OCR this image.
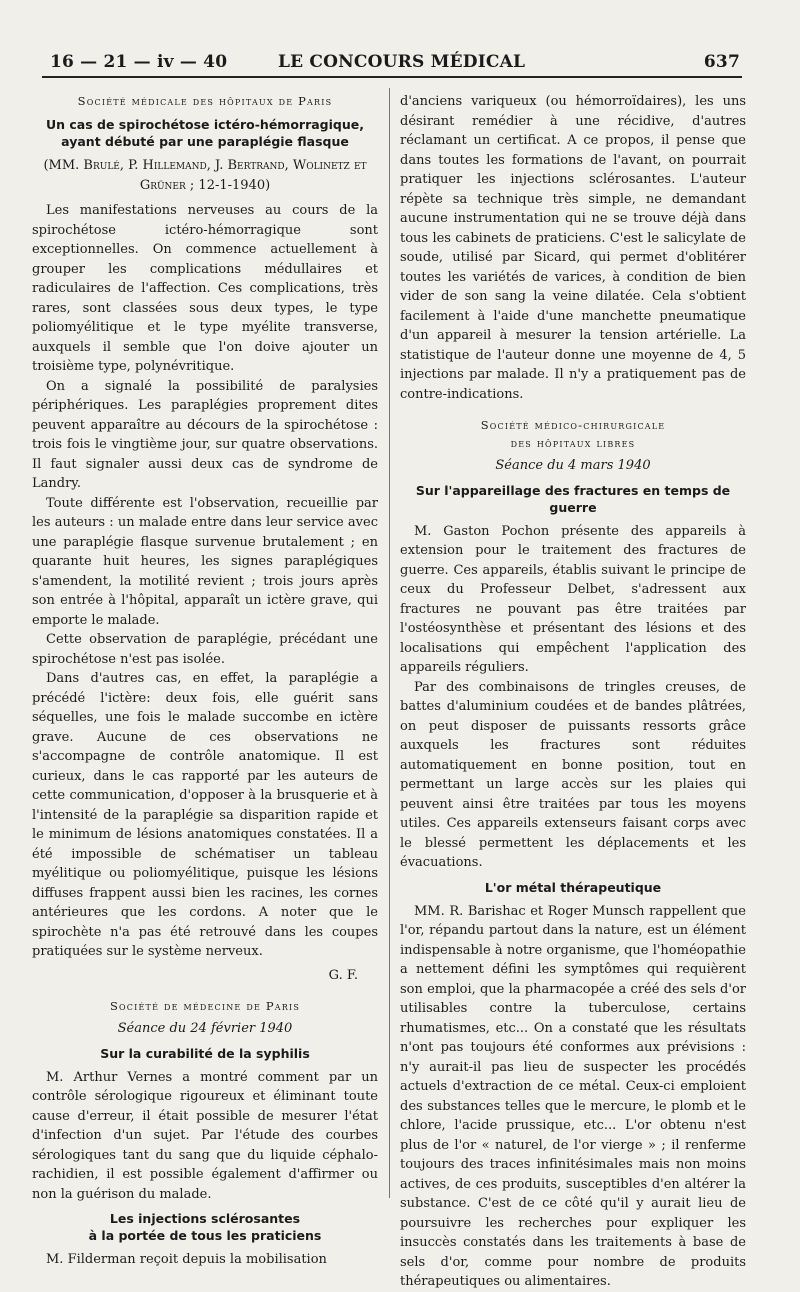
16 — 21 — iv — 40	LE CONCOURS MÉDICAL	637
Société médicale des hôpitaux de Paris
Un cas de spirochétose ictéro-hémorragique,
ayant débuté par une paraplégie flasque
(MM. Brulé, P. Hillemand, J. Bertrand, Wolinetz et Grüner ; 12-1-1940)

Les manifestations nerveuses au cours de la spirochétose ictéro-hémorragique sont exceptionnelles. On commence actuellement à grouper les complications médullaires et radiculaires de l'affection. Ces complications, très rares, sont classées sous deux types, le type poliomyélitique et le type myélite transverse, auxquels il semble que l'on doive ajouter un troisième type, polynévritique.

On a signalé la possibilité de paralysies périphériques. Les paraplégies proprement dites peuvent apparaître au décours de la spirochétose : trois fois le vingtième jour, sur quatre observations. Il faut signaler aussi deux cas de syndrome de Landry.

Toute différente est l'observation, recueillie par les auteurs : un malade entre dans leur service avec une paraplégie flasque survenue brutalement ; en quarante huit heures, les signes paraplégiques s'amendent, la motilité revient ; trois jours après son entrée à l'hôpital, apparaît un ictère grave, qui emporte le malade.

Cette observation de paraplégie, précédant une spirochétose n'est pas isolée.

Dans d'autres cas, en effet, la paraplégie a précédé l'ictère: deux fois, elle guérit sans séquelles, une fois le malade succombe en ictère grave. Aucune de ces observations ne s'accompagne de contrôle anatomique. Il est curieux, dans le cas rapporté par les auteurs de cette communication, d'opposer à la brusquerie et à l'intensité de la paraplégie sa disparition rapide et le minimum de lésions anatomiques constatées. Il a été impossible de schématiser un tableau myélitique ou poliomyélitique, puisque les lésions diffuses frappent aussi bien les racines, les cornes antérieures que les cordons. A noter que le spirochète n'a pas été retrouvé dans les coupes pratiquées sur le système nerveux.

G. F.
Société de médecine de Paris
Séance du 24 février 1940
Sur la curabilité de la syphilis

M. Arthur Vernes a montré comment par un contrôle sérologique rigoureux et éliminant toute cause d'erreur, il était possible de mesurer l'état d'infection d'un sujet. Par l'étude des courbes sérologiques tant du sang que du liquide céphalo-rachidien, il est possible également d'affirmer ou non la guérison du malade.

Les injections sclérosantes
à la portée de tous les praticiens

M. Filderman reçoit depuis la mobilisation

d'anciens variqueux (ou hémorroïdaires), les uns désirant remédier à une récidive, d'autres réclamant un certificat. A ce propos, il pense que dans toutes les formations de l'avant, on pourrait pratiquer les injections sclérosantes. L'auteur répète sa technique très simple, ne demandant aucune instrumentation qui ne se trouve déjà dans tous les cabinets de praticiens. C'est le salicylate de soude, utilisé par Sicard, qui permet d'oblitérer toutes les variétés de varices, à condition de bien vider de son sang la veine dilatée. Cela s'obtient facilement à l'aide d'une manchette pneumatique d'un appareil à mesurer la tension artérielle. La statistique de l'auteur donne une moyenne de 4, 5 injections par malade. Il n'y a pratiquement pas de contre-indications.

Société médico-chirurgicale
des hôpitaux libres
Séance du 4 mars 1940
Sur l'appareillage des fractures en temps de guerre

M. Gaston Pochon présente des appareils à extension pour le traitement des fractures de guerre. Ces appareils, établis suivant le principe de ceux du Professeur Delbet, s'adressent aux fractures ne pouvant pas être traitées par l'ostéosynthèse et présentant des lésions et des localisations qui empêchent l'application des appareils réguliers.

Par des combinaisons de tringles creuses, de battes d'aluminium coudées et de bandes plâtrées, on peut disposer de puissants ressorts grâce auxquels les fractures sont réduites automatiquement en bonne position, tout en permettant un large accès sur les plaies qui peuvent ainsi être traitées par tous les moyens utiles. Ces appareils extenseurs faisant corps avec le blessé permettent les déplacements et les évacuations.

L'or métal thérapeutique

MM. R. Barishac et Roger Munsch rappellent que l'or, répandu partout dans la nature, est un élément indispensable à notre organisme, que l'homéopathie a nettement défini les symptômes qui requièrent son emploi, que la pharmacopée a créé des sels d'or utilisables contre la tuberculose, certains rhumatismes, etc... On a constaté que les résultats n'ont pas toujours été conformes aux prévisions : n'y aurait-il pas lieu de suspecter les procédés actuels d'extraction de ce métal. Ceux-ci emploient des substances telles que le mercure, le plomb et le chlore, l'acide prussique, etc... L'or obtenu n'est plus de l'or « naturel, de l'or vierge » ; il renferme toujours des traces infinitésimales mais non moins actives, de ces produits, susceptibles d'en altérer la substance. C'est de ce côté qu'il y aurait lieu de poursuivre les recherches pour expliquer les insuccès constatés dans les traitements à base de sels d'or, comme pour nombre de produits thérapeutiques ou alimentaires.
